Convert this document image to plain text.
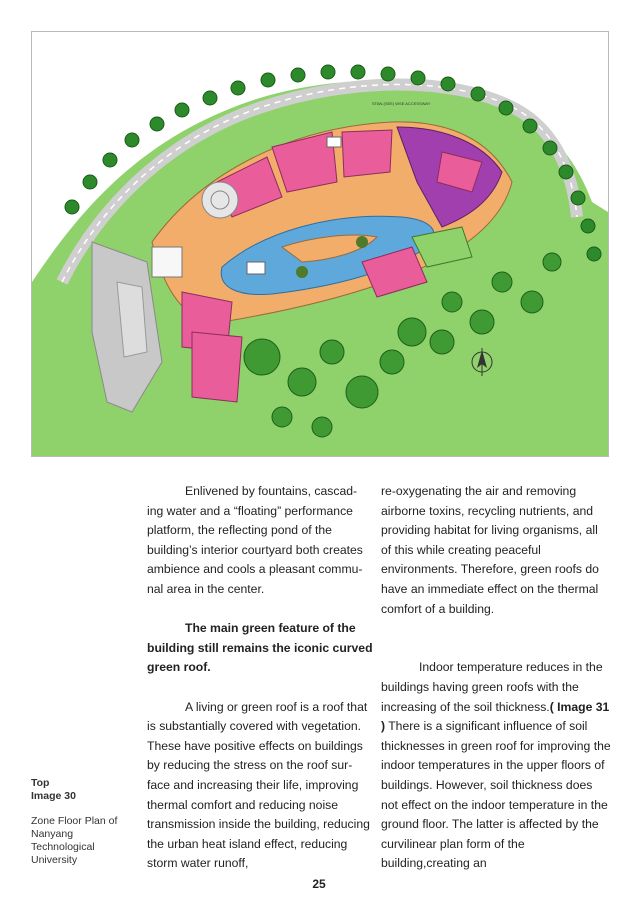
STAN (SEE) WSE ACCESSWAY
Top
Image 30
Zone Floor Plan of Nanyang Technological University

Enlivened by fountains, cascad-ing water and a “floating” performance platform, the reflecting pond of the building’s interior courtyard both creates ambience and cools a pleasant commu-nal area in the center.

The main green feature of the building still remains the iconic curved green roof.

A living or green roof is a roof that is substantially covered with vegetation. These have positive effects on buildings by reducing the stress on the roof sur-face and increasing their life, improving thermal comfort and reducing noise transmission inside the building, reducing the urban heat island effect, reducing storm water runoff,

re-oxygenating the air and removing airborne toxins, recycling nutrients, and providing habitat for living organisms, all of this while creating peaceful environments. Therefore, green roofs do have an immediate effect on the thermal comfort of a building.

Indoor temperature reduces in the buildings having green roofs with the increasing of the soil thickness.( Image 31 ) There is a significant influence of soil thicknesses in green roof for improving the indoor temperatures in the upper floors of buildings. However, soil thickness does not effect on the indoor temperature in the ground floor. The latter is affected by the curvilinear plan form of the building,creating an

25
